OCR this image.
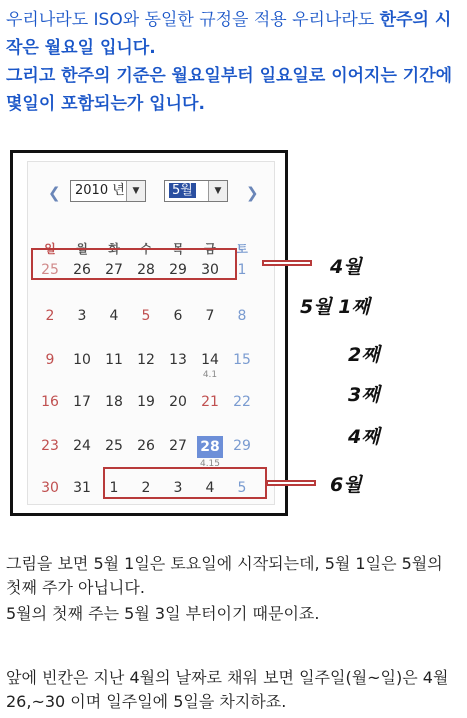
우리나라도 ISO와 동일한 규정을 적용 우리나라도 한주의 시작은 월요일 입니다.
그리고 한주의 기준은 월요일부터 일요일로 이어지는 기간에 몇일이 포함되는가 입니다.
❮	2010 년 ▼	5월	▼	❯
일	월	화	수	목	금	토
25 26 27 28 29 30	1
2	3	4	5	6	7	8
9	10 11 12 13 14 15
4.1
16 17 18 19 20 21 22
23 24 25 26 27 28 29
4.15
30 31	1	2	3	4	5
4월
5월 1째
2째
3째
4째
6월
그림을 보면 5월 1일은 토요일에 시작되는데, 5월 1일은 5월의 첫째 주가 아닙니다.
5월의 첫째 주는 5월 3일 부터이기 때문이죠.
앞에 빈칸은 지난 4월의 날짜로 채워 보면 일주일(월~일)은 4월 26,~30 이며 일주일에 5일을 차지하죠.
